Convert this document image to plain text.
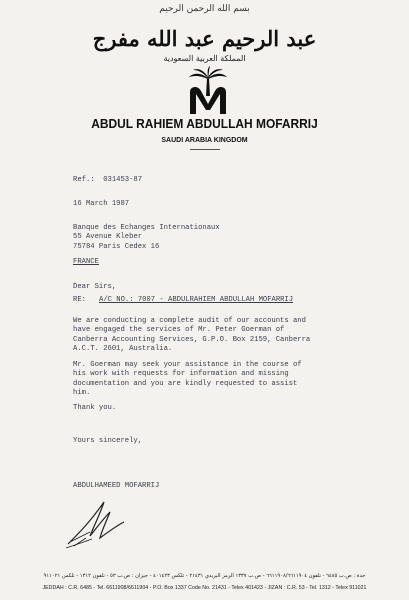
بسم الله الرحمن الرحيم
عبد الرحيم عبد الله مفرج
المملكة العربية السعودية
ABDUL RAHIEM ABDULLAH MOFARRIJ
SAUDI ARABIA KINGDOM
Ref.:  031453-87
16 March 1987
Banque des Echanges Internationaux
55 Avenue Kleber
75784 Paris Cedex 16
FRANCE
Dear Sirs,
RE: A/C NO.: 7007 - ABDULRAHIEM ABDULLAH MOFARRIJ
We are conducting a complete audit of our accounts and
have engaged the services of Mr. Peter Goerman of
Canberra Accounting Services, G.P.O. Box 2159, Canberra
A.C.T. 2601, Australia.
Mr. Goerman may seek your assistance in the course of
his work with requests for information and missing
documentation and you are kindly requested to assist
him.
Thank you.
Yours sincerely,
ABDULHAMEED MOFARRIJ
جدة : ص.ب ٦٤٨٥ - تلفون ٦٦١١٩٠٨/٦٦١١٩٠٤ - ص.ب ١٣٣٧ الرمز البريدي ٢١٤٣١ - تلكس ٤٠١٤٢٣ - جيزان : ص.ب ٥٣ - تلفون ١٣١٢ - تلكس ٩١١٠٢١
JEDDAH : C.R. 6485 - Tel. 6611908/6611904 - P.O. Box 1337 Code No. 21431 - Telex 401423 - JIZAN : C.R. 53 - Tel. 1312 - Telex 911021
